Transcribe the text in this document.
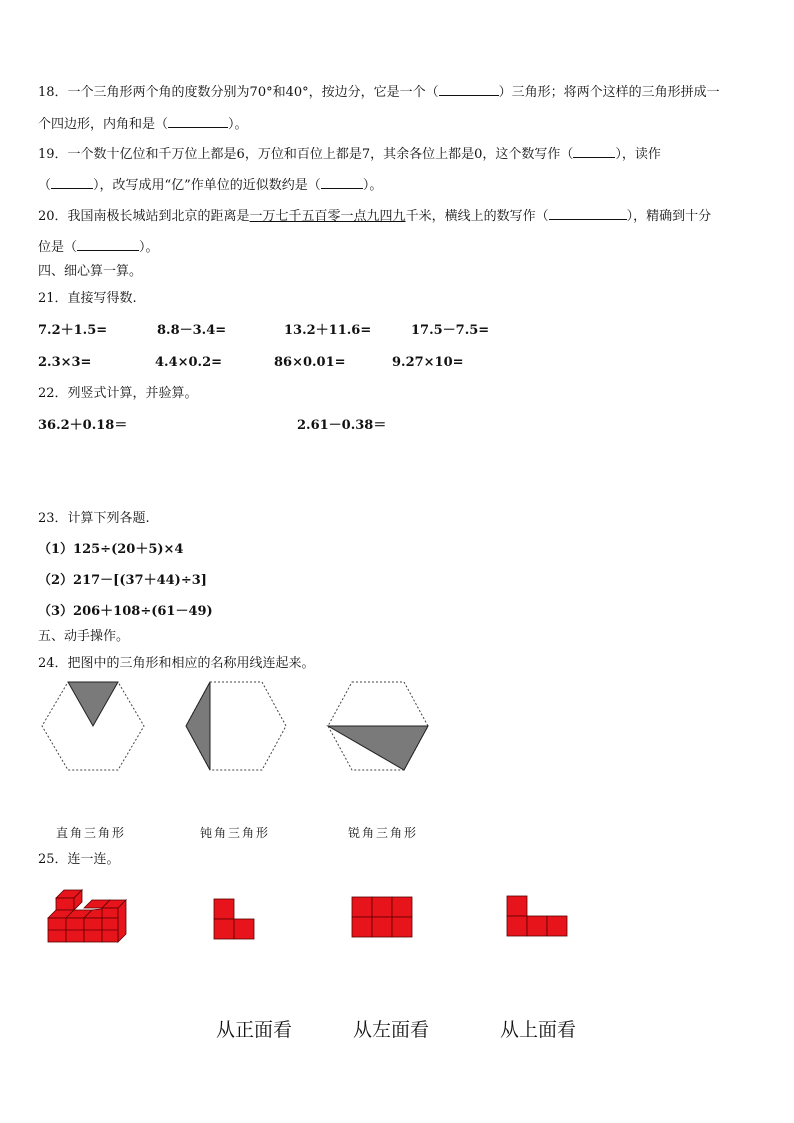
18．一个三角形两个角的度数分别为70°和40°，按边分，它是一个（	）三角形；将两个这样的三角形拼成一
个四边形，内角和是（	）。
19．一个数十亿位和千万位上都是6，万位和百位上都是7，其余各位上都是0，这个数写作（	），读作
（	），改写成用“亿”作单位的近似数约是（	）。
20．我国南极长城站到北京的距离是一万七千五百零一点九四九千米，横线上的数写作（	），精确到十分
位是（	）。
四、细心算一算。
21．直接写得数.
7.2＋1.5=	8.8－3.4=	13.2＋11.6=	17.5－7.5=
2.3×3=	4.4×0.2=	86×0.01=	9.27×10=
22．列竖式计算，并验算。
36.2＋0.18＝	2.61－0.38＝
23．计算下列各题.
（1）125÷(20＋5)×4
（2）217－[(37＋44)÷3]
（3）206＋108÷(61－49)
五、动手操作。
24．把图中的三角形和相应的名称用线连起来。
直角三角形	钝角三角形	锐角三角形
25．连一连。
从正面看	从左面看	从上面看
